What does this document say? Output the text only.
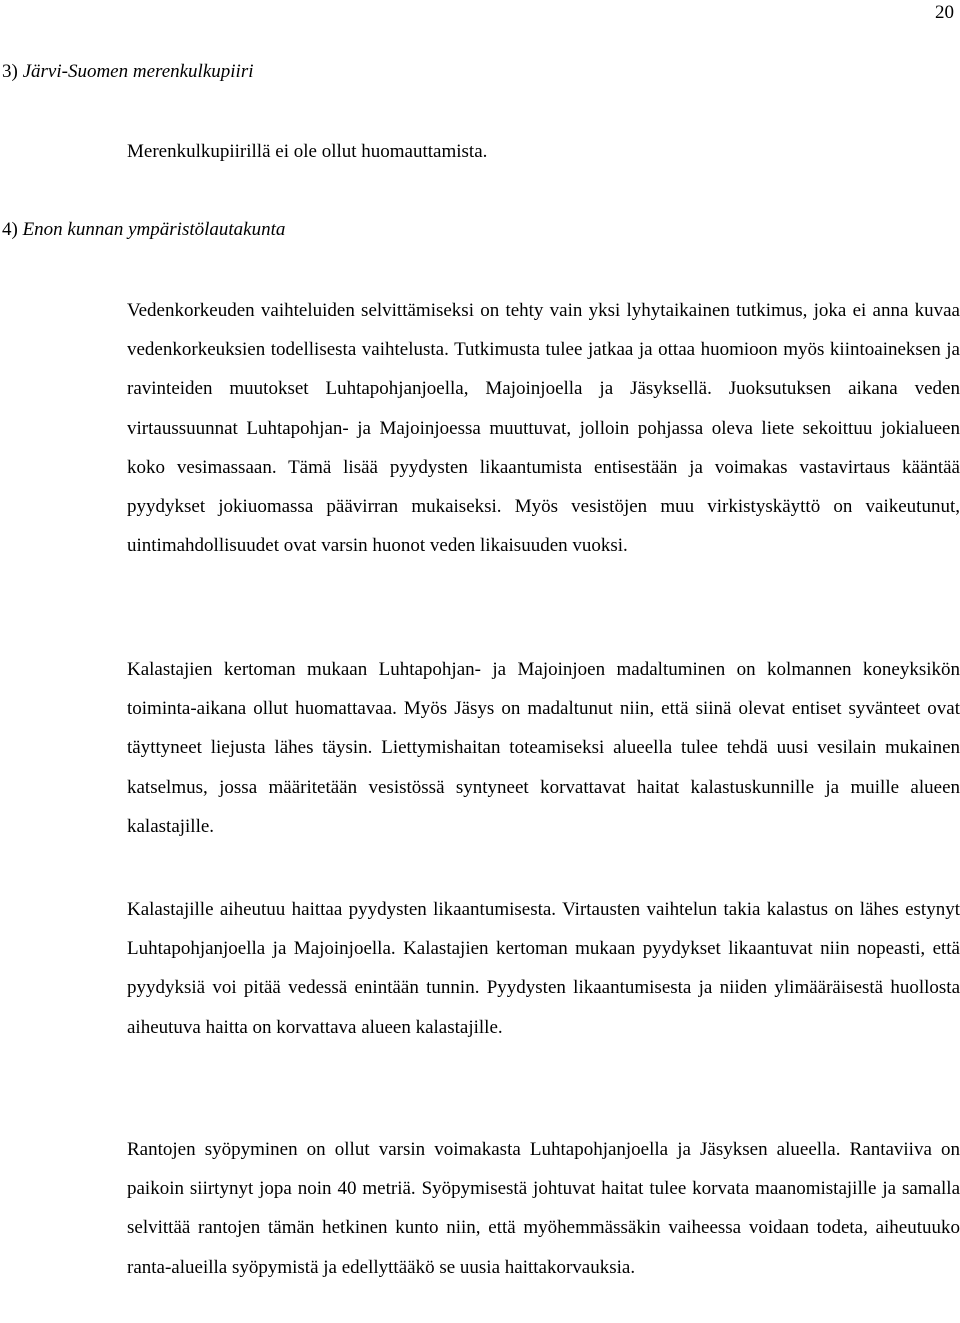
20
3) Järvi-Suomen merenkulkupiiri

Merenkulkupiirillä ei ole ollut huomauttamista.

4) Enon kunnan ympäristölautakunta

Vedenkorkeuden vaihteluiden selvittämiseksi on tehty vain yksi lyhytaikainen tutkimus, joka ei anna kuvaa vedenkorkeuksien todellisesta vaihtelusta. Tutkimusta tulee jatkaa ja ottaa huomioon myös kiintoaineksen ja ravinteiden muutokset Luhtapohjanjoella, Majoinjoella ja Jäsyksellä. Juoksutuksen aikana veden virtaussuunnat Luhtapohjan- ja Majoinjoessa muuttuvat, jolloin pohjassa oleva liete sekoittuu jokialueen koko vesimassaan. Tämä lisää pyydysten likaantumista entisestään ja voimakas vastavirtaus kääntää pyydykset jokiuomassa päävirran mukaiseksi. Myös vesistöjen muu virkistyskäyttö on vaikeutunut, uintimahdollisuudet ovat varsin huonot veden likaisuuden vuoksi.

Kalastajien kertoman mukaan Luhtapohjan- ja Majoinjoen madaltuminen on kolmannen koneyksikön toiminta-aikana ollut huomattavaa. Myös Jäsys on madaltunut niin, että siinä olevat entiset syvänteet ovat täyttyneet liejusta lähes täysin. Liettymishaitan toteamiseksi alueella tulee tehdä uusi vesilain mukainen katselmus, jossa määritetään vesistössä syntyneet korvattavat haitat kalastuskunnille ja muille alueen kalastajille.

Kalastajille aiheutuu haittaa pyydysten likaantumisesta. Virtausten vaihtelun takia kalastus on lähes estynyt Luhtapohjanjoella ja Majoinjoella. Kalastajien kertoman mukaan pyydykset likaantuvat niin nopeasti, että pyydyksiä voi pitää vedessä enintään tunnin. Pyydysten likaantumisesta ja niiden ylimääräisestä huollosta aiheutuva haitta on korvattava alueen kalastajille.

Rantojen syöpyminen on ollut varsin voimakasta Luhtapohjanjoella ja Jäsyksen alueella. Rantaviiva on paikoin siirtynyt jopa noin 40 metriä. Syöpymisestä johtuvat haitat tulee korvata maanomistajille ja samalla selvittää rantojen tämän hetkinen kunto niin, että myöhemmässäkin vaiheessa voidaan todeta, aiheutuuko ranta-alueilla syöpymistä ja edellyttääkö se uusia haittakorvauksia.
